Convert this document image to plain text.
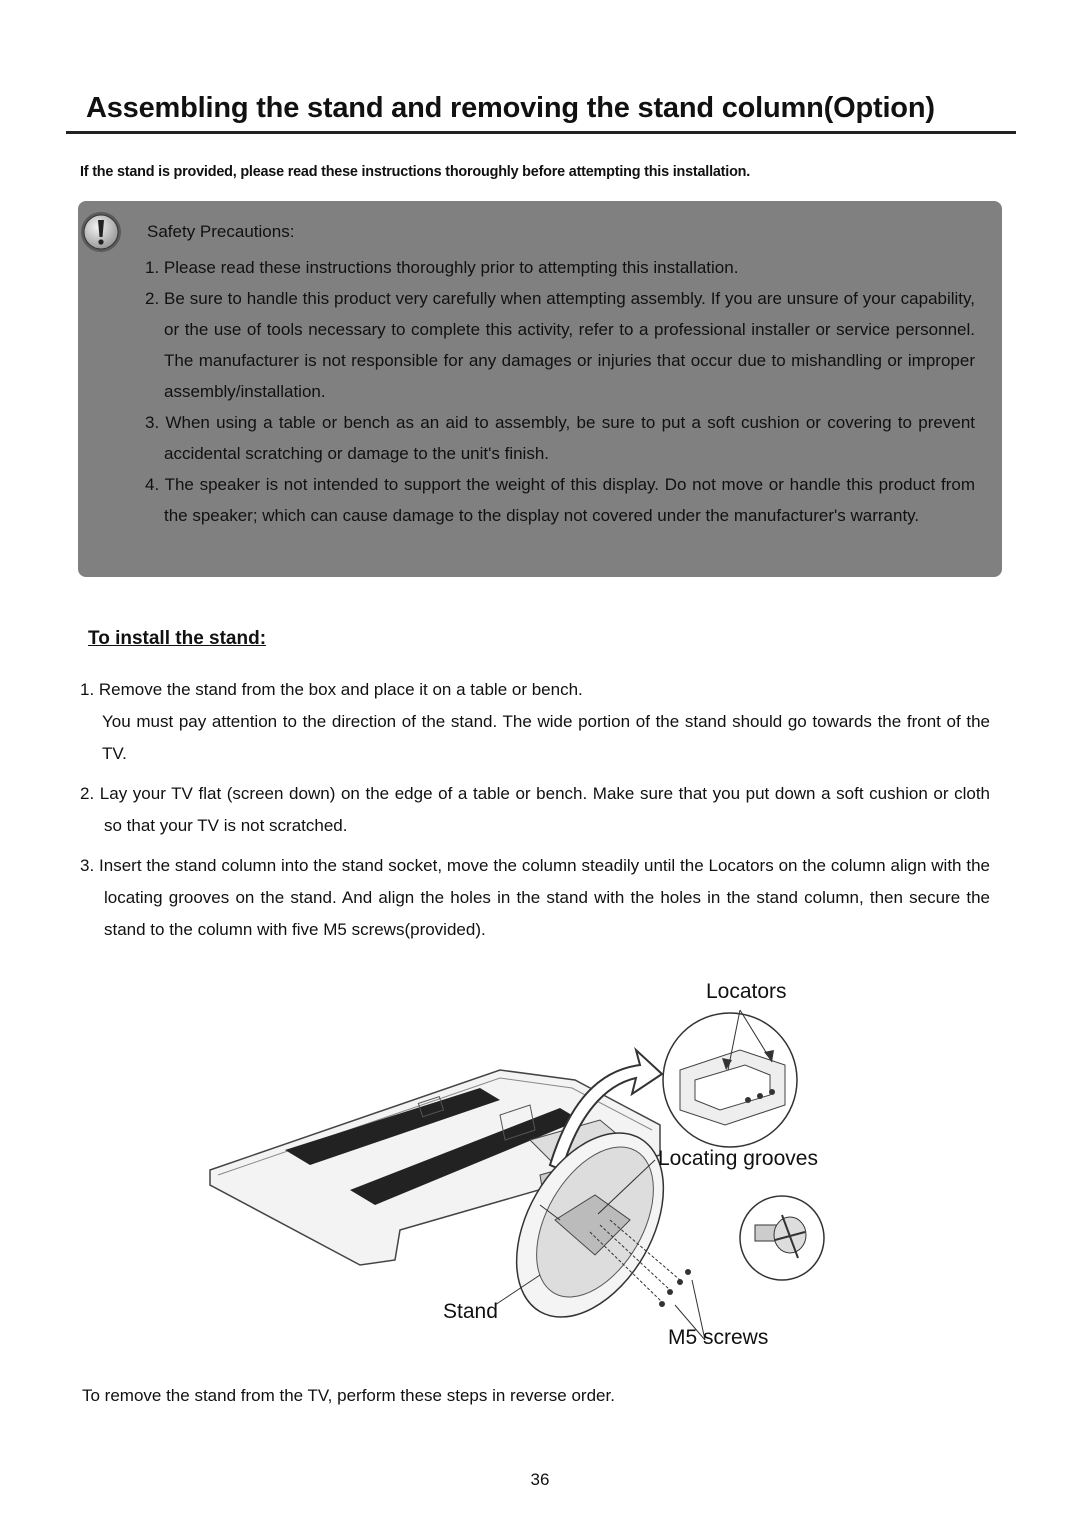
Assembling the stand and removing the stand column(Option)
If the stand is provided, please read these instructions thoroughly before attempting this installation.
Safety Precautions:
1. Please read these instructions thoroughly prior to attempting this installation.
2. Be sure to handle this product very carefully when attempting assembly. If you are unsure of your capability, or the use of tools necessary to complete this activity, refer to a professional installer or service personnel. The manufacturer is not responsible for any damages or injuries that occur due to mishandling or improper assembly/installation.
3. When using a table or bench as an aid to assembly, be sure to put a soft cushion or covering to prevent accidental scratching or damage to the unit's finish.
4. The speaker is not intended to support the weight of this display. Do not move or handle this product from the speaker; which can cause damage to the display not covered under the manufacturer's warranty.
To install the stand:

1. Remove the stand from the box and place it on a table or bench.

You must pay attention to the direction of the stand. The wide portion of the stand should go towards the front of the TV.

2. Lay your TV flat (screen down) on the edge of a table or bench. Make sure that you put down a soft cushion or cloth so that your TV is not scratched.

3. Insert the stand column into the stand socket, move the column steadily until the Locators on the column align with the locating grooves on the stand. And align the holes in the stand with the holes in the stand column, then secure the stand to the column with five M5 screws(provided).

Locators
Locating grooves
Stand
M5 screws
To remove the stand from the TV, perform these steps in reverse order.
36
